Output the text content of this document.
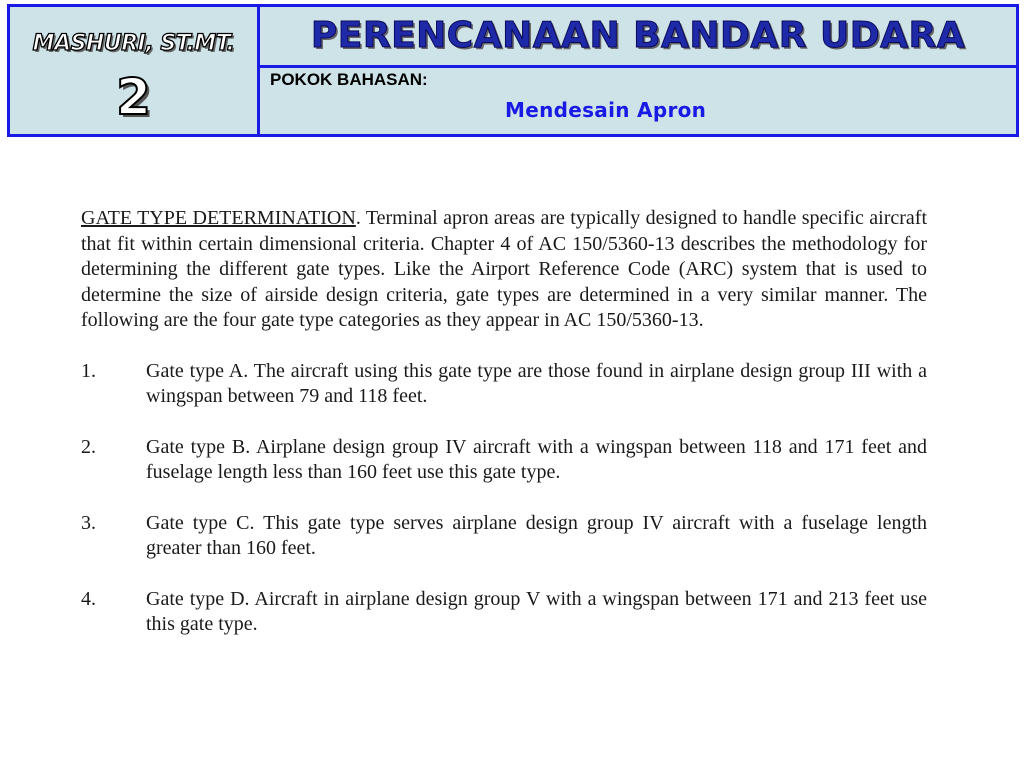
MASHURI, ST.MT.
2
PERENCANAAN BANDAR UDARA
POKOK BAHASAN:
Mendesain Apron

GATE TYPE DETERMINATION. Terminal apron areas are typically designed to handle specific aircraft that fit within certain dimensional criteria. Chapter 4 of AC 150/5360-13 describes the methodology for determining the different gate types. Like the Airport Reference Code (ARC) system that is used to determine the size of airside design criteria, gate types are determined in a very similar manner. The following are the four gate type categories as they appear in AC 150/5360-13.

1.	Gate type A. The aircraft using this gate type are those found in airplane design group III with a wingspan between 79 and 118 feet.
2.	Gate type B. Airplane design group IV aircraft with a wingspan between 118 and 171 feet and fuselage length less than 160 feet use this gate type.
3.	Gate type C. This gate type serves airplane design group IV aircraft with a fuselage length greater than 160 feet.
4.	Gate type D. Aircraft in airplane design group V with a wingspan between 171 and 213 feet use this gate type.
